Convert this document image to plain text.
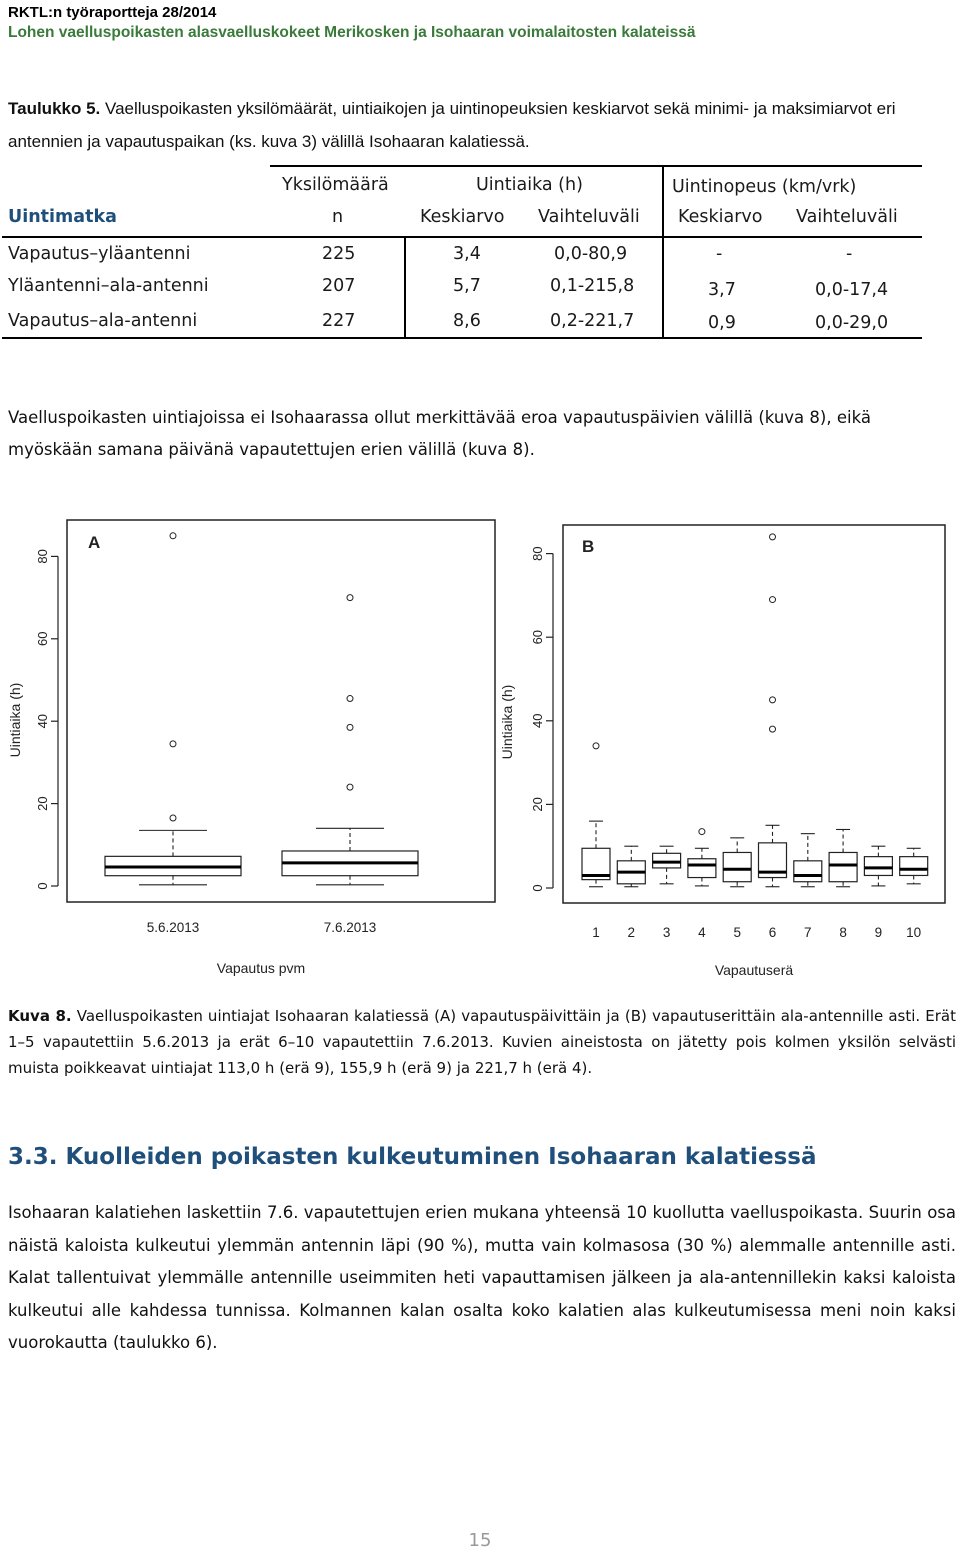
RKTL:n työraportteja 28/2014
Lohen vaelluspoikasten alasvaelluskokeet Merikosken ja Isohaaran voimalaitosten kalateissä
Taulukko 5. Vaelluspoikasten yksilömäärät, uintiaikojen ja uintinopeuksien keskiarvot sekä minimi- ja maksimiarvot eri antennien ja vapautuspaikan (ks. kuva 3) välillä Isohaaran kalatiessä.
Yksilömäärä	Uintiaika (h)	Uintinopeus (km/vrk)
Uintimatka	n	Keskiarvo Vaihteluväli Keskiarvo Vaihteluväli
Vapautus–yläantenni	225	3,4	0,0-80,9	-	-
Yläantenni–ala-antenni	207	5,7	0,1-215,8	3,7	0,0-17,4
Vapautus–ala-antenni	227	8,6	0,2-221,7	0,9	0,0-29,0
Vaelluspoikasten uintiajoissa ei Isohaarassa ollut merkittävää eroa vapautuspäivien välillä (kuva 8), eikä myöskään samana päivänä vapautettujen erien välillä (kuva 8).
A
Uintiaika (h)
Vapautus pvm
0
20
40
60
80
5.6.2013	7.6.2013
B
Uintiaika (h)
Vapautuserä
0
20
40
60
80
1 2 3 4 5 6 7 8 9 10
Kuva 8. Vaelluspoikasten uintiajat Isohaaran kalatiessä (A) vapautuspäivittäin ja (B) vapautuserittäin ala-antennille asti. Erät 1–5 vapautettiin 5.6.2013 ja erät 6–10 vapautettiin 7.6.2013. Kuvien aineistosta on jätetty pois kolmen yksilön selvästi muista poikkeavat uintiajat 113,0 h (erä 9), 155,9 h (erä 9) ja 221,7 h (erä 4).
3.3. Kuolleiden poikasten kulkeutuminen Isohaaran kalatiessä
Isohaaran kalatiehen laskettiin 7.6. vapautettujen erien mukana yhteensä 10 kuollutta vaelluspoikasta. Suurin osa näistä kaloista kulkeutui ylemmän antennin läpi (90 %), mutta vain kolmasosa (30 %) alemmalle antennille asti. Kalat tallentuivat ylemmälle antennille useimmiten heti vapauttamisen jälkeen ja ala-antennillekin kaksi kaloista kulkeutui alle kahdessa tunnissa. Kolmannen kalan osalta koko kalatien alas kulkeutumisessa meni noin kaksi vuorokautta (taulukko 6).
15
